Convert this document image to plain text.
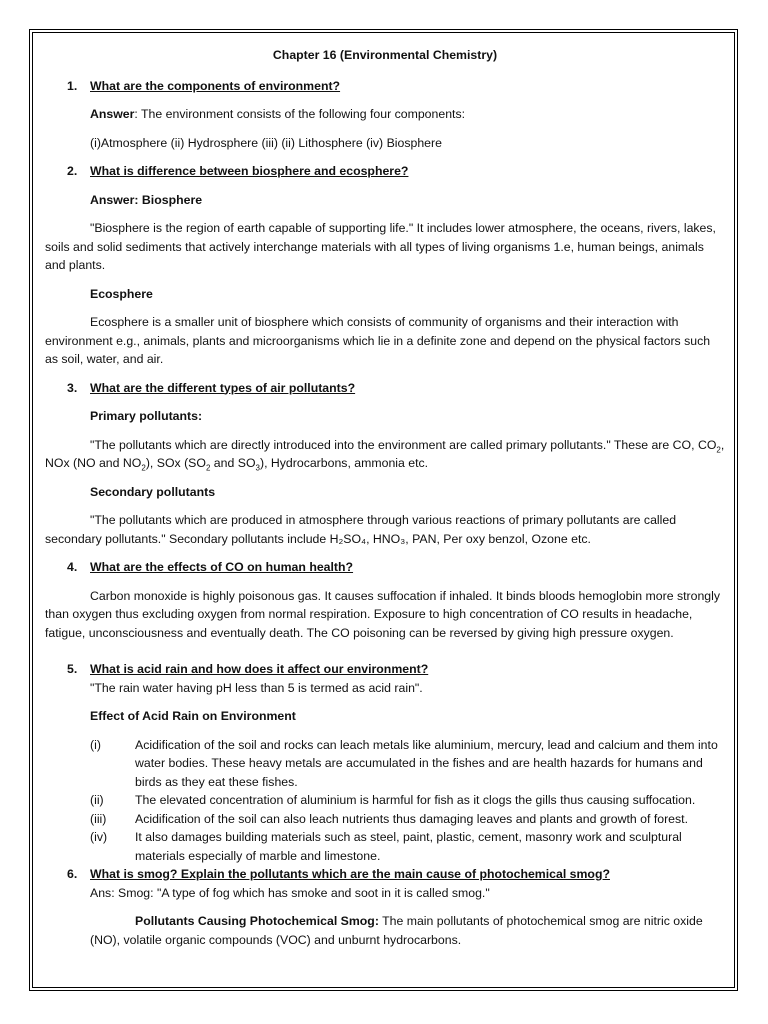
Chapter 16 (Environmental Chemistry)
1. What are the components of environment?
Answer: The environment consists of the following four components:
(i)Atmosphere (ii) Hydrosphere (iii) (ii) Lithosphere (iv) Biosphere
2. What is difference between biosphere and ecosphere?
Answer: Biosphere
"Biosphere is the region of earth capable of supporting life." It includes lower atmosphere, the oceans, rivers, lakes, soils and solid sediments that actively interchange materials with all types of living organisms 1.e, human beings, animals and plants.
Ecosphere
Ecosphere is a smaller unit of biosphere which consists of community of organisms and their interaction with environment e.g., animals, plants and microorganisms which lie in a definite zone and depend on the physical factors such as soil, water, and air.
3. What are the different types of air pollutants?
Primary pollutants:
"The pollutants which are directly introduced into the environment are called primary pollutants." These are CO, $CO_2$, NOx (NO and $NO_2$), SOx ($SO_2$ and $SO_3$), Hydrocarbons, ammonia etc.
Secondary pollutants
"The pollutants which are produced in atmosphere through various reactions of primary pollutants are called secondary pollutants." Secondary pollutants include H₂SO₄, HNO₃, PAN, Per oxy benzol, Ozone etc.
4. What are the effects of CO on human health?
Carbon monoxide is highly poisonous gas. It causes suffocation if inhaled. It binds bloods hemoglobin more strongly than oxygen thus excluding oxygen from normal respiration. Exposure to high concentration of CO results in headache, fatigue, unconsciousness and eventually death. The CO poisoning can be reversed by giving high pressure oxygen.
5. What is acid rain and how does it affect our environment?
"The rain water having pH less than 5 is termed as acid rain".
Effect of Acid Rain on Environment
(i)	Acidification of the soil and rocks can leach metals like aluminium, mercury, lead and calcium and them into water bodies. These heavy metals are accumulated in the fishes and are health hazards for humans and birds as they eat these fishes.
(ii)	The elevated concentration of aluminium is harmful for fish as it clogs the gills thus causing suffocation.
(iii) Acidification of the soil can also leach nutrients thus damaging leaves and plants and growth of forest.
(iv) It also damages building materials such as steel, paint, plastic, cement, masonry work and sculptural materials especially of marble and limestone.
6. What is smog? Explain the pollutants which are the main cause of photochemical smog?
Ans: Smog: "A type of fog which has smoke and soot in it is called smog."
Pollutants Causing Photochemical Smog: The main pollutants of photochemical smog are nitric oxide (NO), volatile organic compounds (VOC) and unburnt hydrocarbons.
